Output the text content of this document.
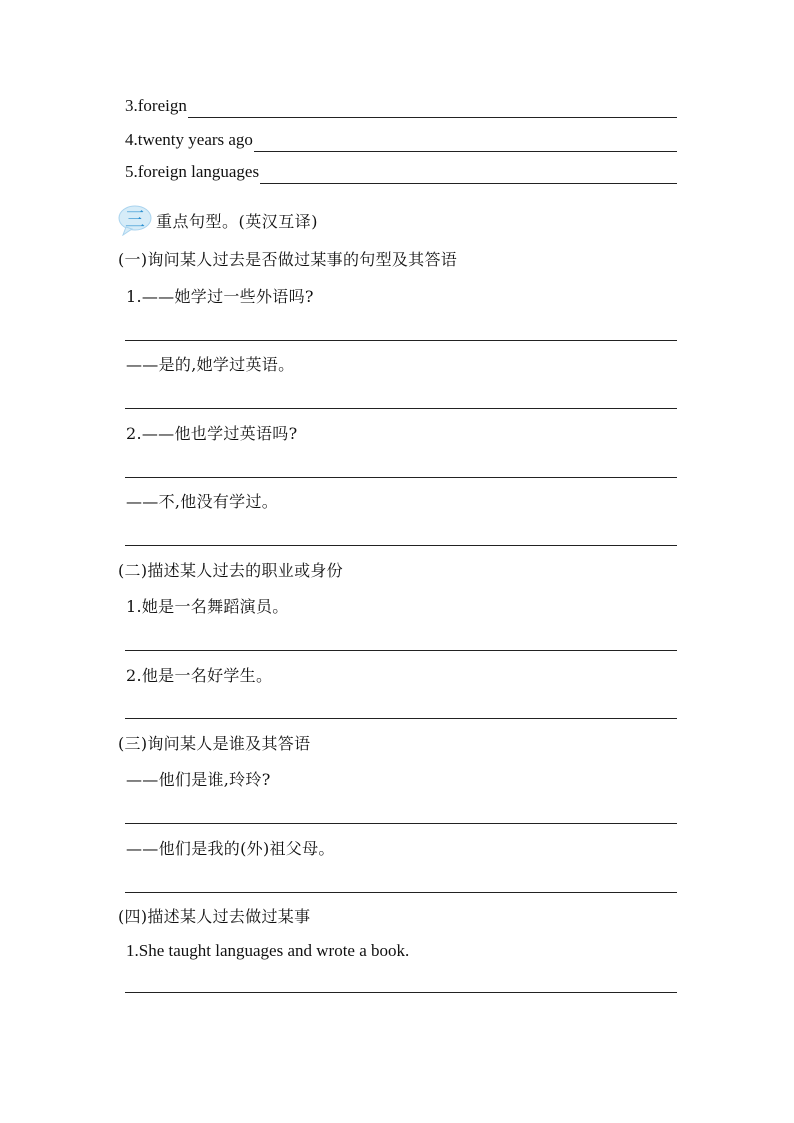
3.foreign
4.twenty years ago
5.foreign languages
三 重点句型。(英汉互译)
(一)询问某人过去是否做过某事的句型及其答语
1.——她学过一些外语吗?
——是的,她学过英语。
2.——他也学过英语吗?
——不,他没有学过。
(二)描述某人过去的职业或身份
1.她是一名舞蹈演员。
2.他是一名好学生。
(三)询问某人是谁及其答语
——他们是谁,玲玲?
——他们是我的(外)祖父母。
(四)描述某人过去做过某事
1.She taught languages and wrote a book.
